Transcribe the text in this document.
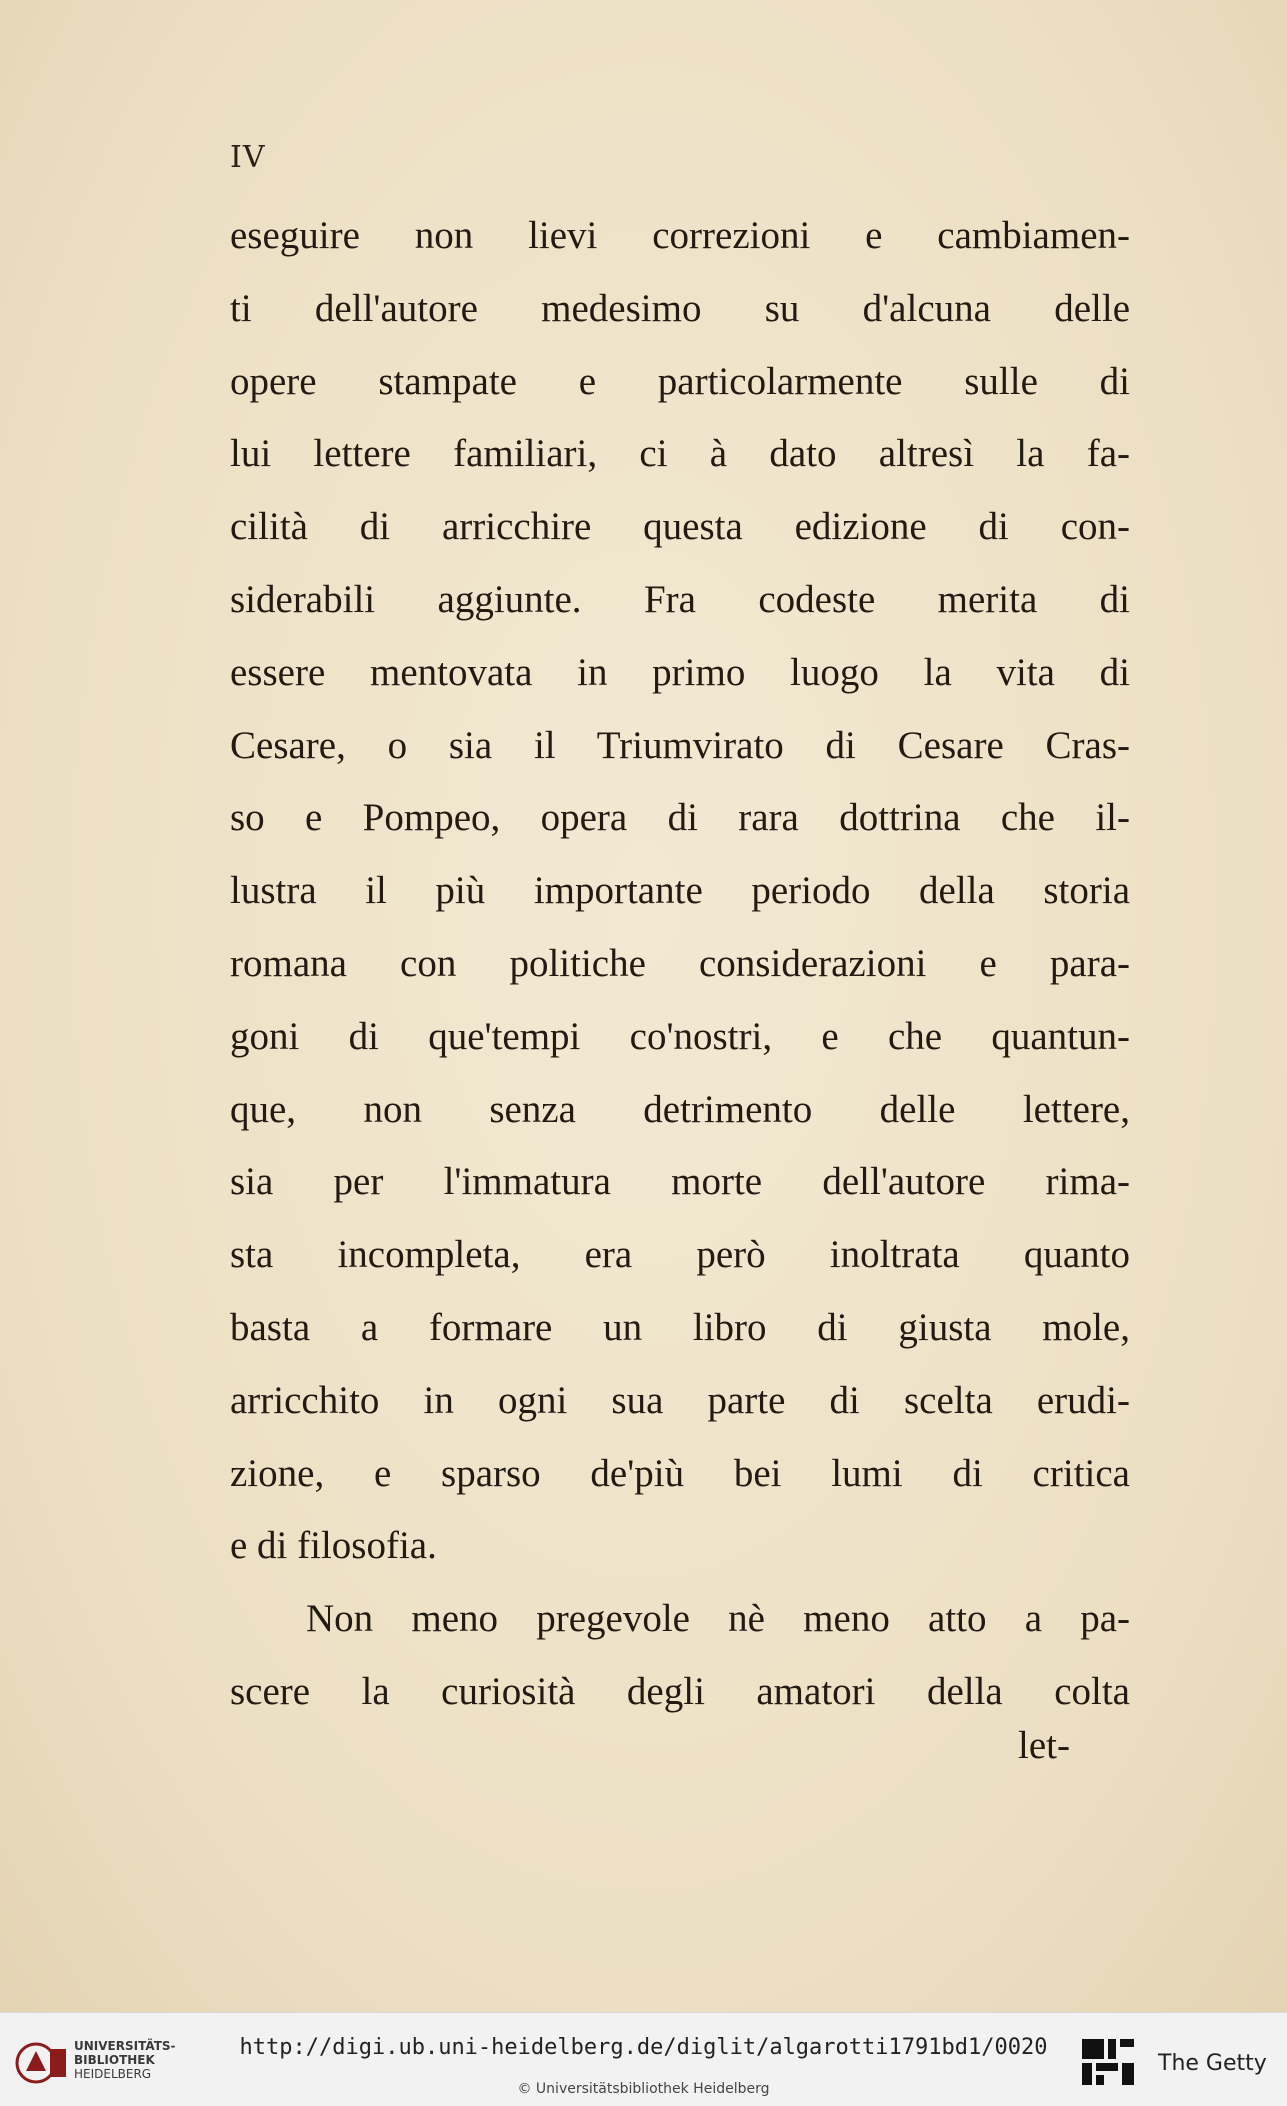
IV
eseguire non lievi correzioni e cambiamen-
ti dell'autore medesimo su d'alcuna delle
opere stampate e particolarmente sulle di
lui lettere familiari, ci à dato altresì la fa-
cilità di arricchire questa edizione di con-
siderabili aggiunte. Fra codeste merita di
essere mentovata in primo luogo la vita di
Cesare, o sia il Triumvirato di Cesare Cras-
so e Pompeo, opera di rara dottrina che il-
lustra il più importante periodo della storia
romana con politiche considerazioni e para-
goni di que'tempi co'nostri, e che quantun-
que, non senza detrimento delle lettere,
sia per l'immatura morte dell'autore rima-
sta incompleta, era però inoltrata quanto
basta a formare un libro di giusta mole,
arricchito in ogni sua parte di scelta erudi-
zione, e sparso de'più bei lumi di critica
e di filosofia.
Non meno pregevole nè meno atto a pa-
scere la curiosità degli amatori della colta
let-
UNIVERSITÄTS-
BIBLIOTHEK
HEIDELBERG
http://digi.ub.uni-heidelberg.de/diglit/algarotti1791bd1/0020
© Universitätsbibliothek Heidelberg
The Getty
